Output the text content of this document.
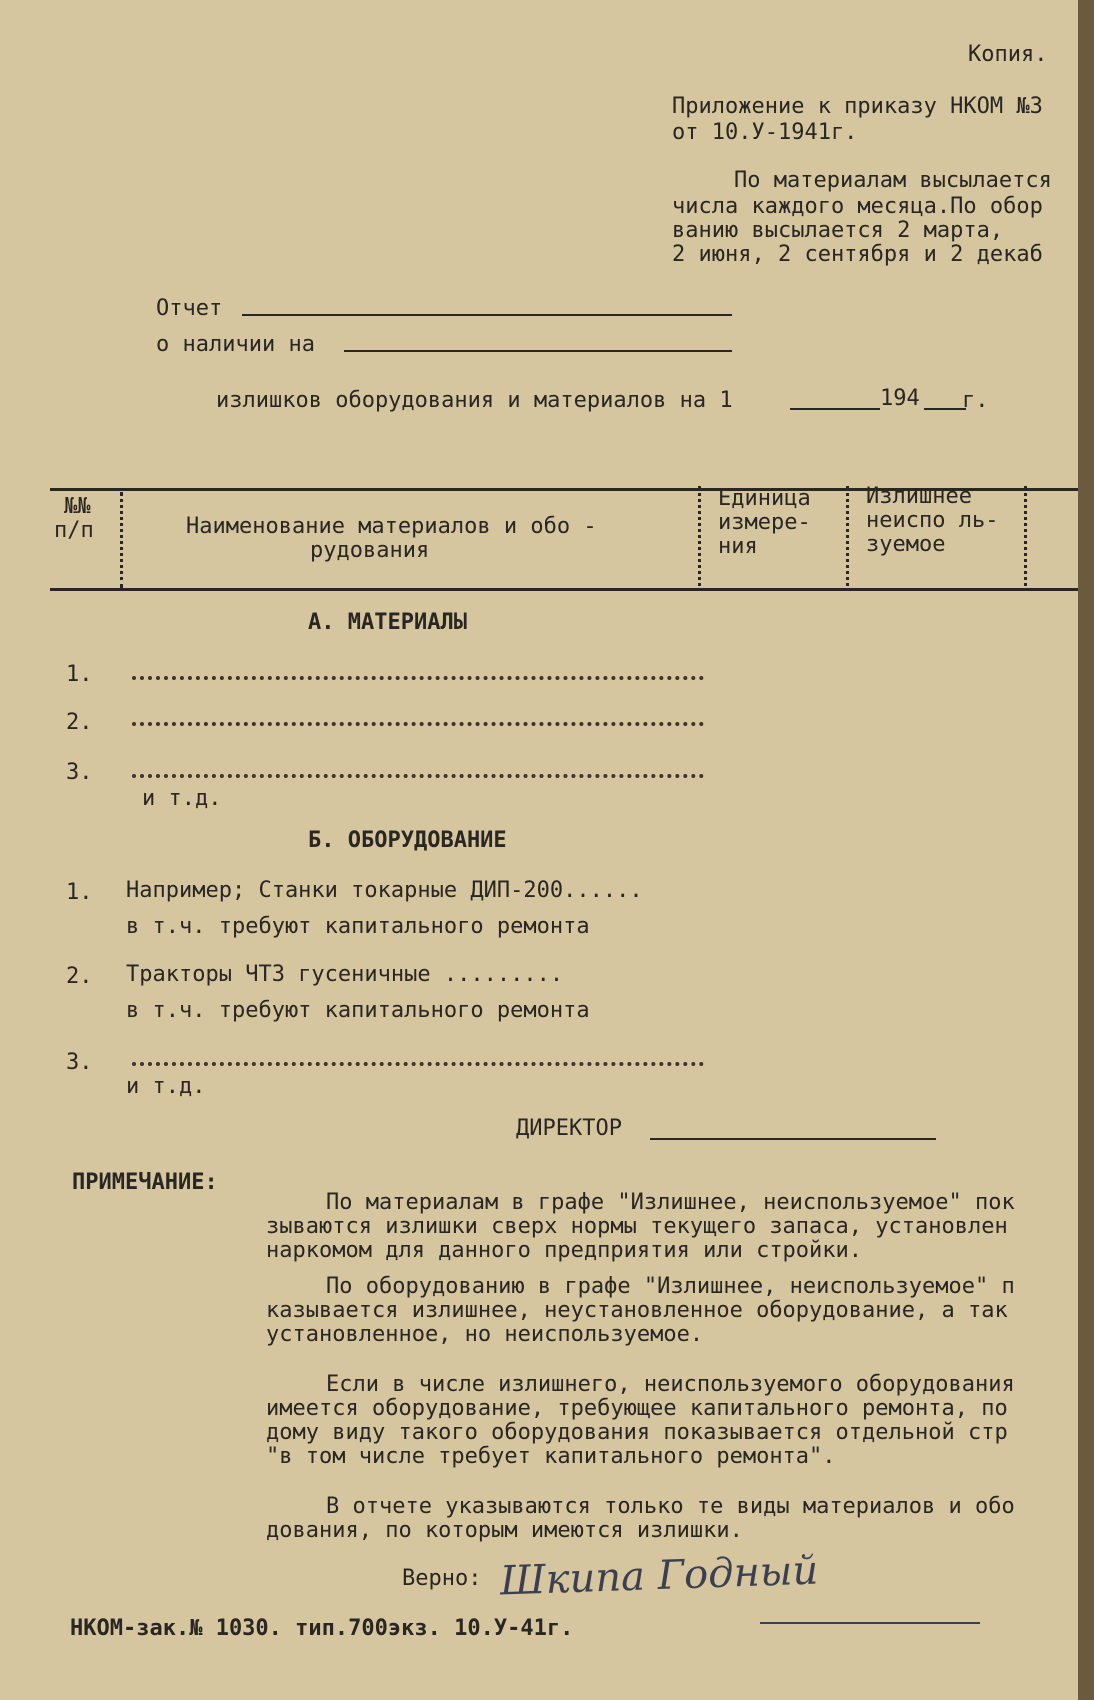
Копия.
Приложение к приказу НКОМ №3
от 10.У-1941г.
По материалам высылается
числа каждого месяца.По обор
ванию высылается 2 марта,
2 июня, 2 сентября и 2 декаб
Отчет
о наличии на
излишков оборудования и материалов на 1	194 г.
№№
п/п	Наименование материалов и обо -
рудования
Единица
измере-
ния
Излишнее
неиспо ль-
зуемое
А. МАТЕРИАЛЫ
1.
2.
3.
и т.д.
Б. ОБОРУДОВАНИЕ
1. Например; Станки токарные ДИП-200......
в т.ч. требуют капитального ремонта
2. Тракторы ЧТЗ гусеничные .........
в т.ч. требуют капитального ремонта
3.
и т.д.
ДИРЕКТОР
ПРИМЕЧАНИЕ:
По материалам в графе "Излишнее, неиспользуемое" пок
зываются излишки сверх нормы текущего запаса, установлен
наркомом для данного предприятия или стройки.
По оборудованию в графе "Излишнее, неиспользуемое" п
казывается излишнее, неустановленное оборудование, а так
установленное, но неиспользуемое.
Если в числе излишнего, неиспользуемого оборудования
имеется оборудование, требующее капитального ремонта, по
дому виду такого оборудования показывается отдельной стр
"в том числе требует капитального ремонта".
В отчете указываются только те виды материалов и обо
дования, по которым имеются излишки.
Верно: Шкипа Годный
НКОМ-зак.№ 1030. тип.700экз. 10.У-41г.
